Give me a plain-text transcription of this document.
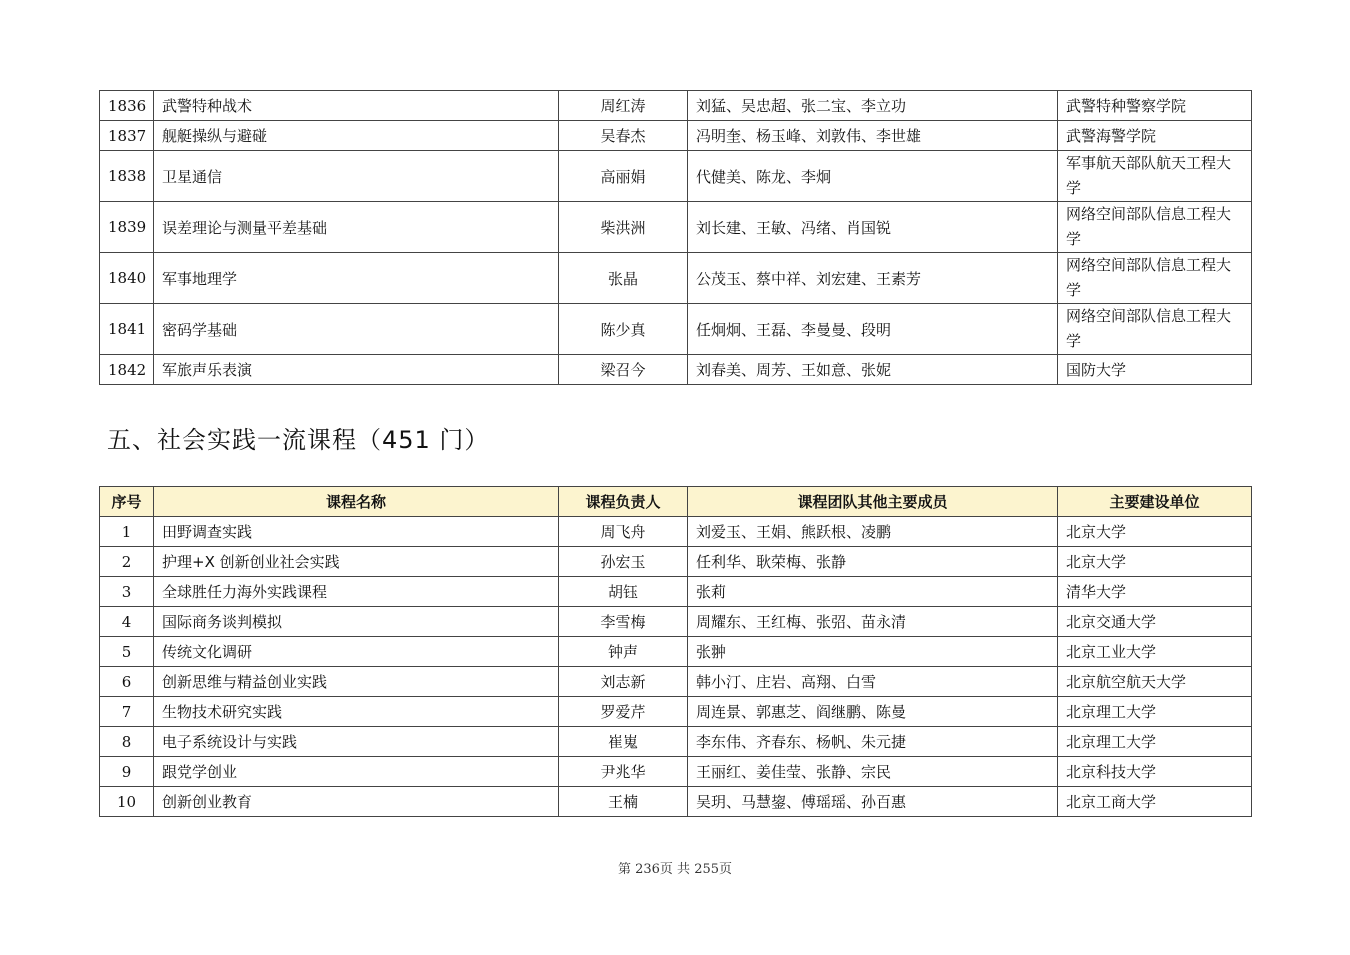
1836	武警特种战术	周红涛	刘猛、吴忠超、张二宝、李立功	武警特种警察学院
1837	舰艇操纵与避碰	吴春杰	冯明奎、杨玉峰、刘敦伟、李世雄	武警海警学院
1838	卫星通信	高丽娟	代健美、陈龙、李炯	军事航天部队航天工程大学
1839	误差理论与测量平差基础	柴洪洲	刘长建、王敏、冯绪、肖国锐	网络空间部队信息工程大学
1840	军事地理学	张晶	公茂玉、蔡中祥、刘宏建、王素芳	网络空间部队信息工程大学
1841	密码学基础	陈少真	任炯炯、王磊、李曼曼、段明	网络空间部队信息工程大学
1842	军旅声乐表演	梁召今	刘春美、周芳、王如意、张妮	国防大学
五、社会实践一流课程（451 门）
序号	课程名称	课程负责人	课程团队其他主要成员	主要建设单位
1	田野调查实践	周飞舟	刘爱玉、王娟、熊跃根、凌鹏	北京大学
2	护理+X 创新创业社会实践	孙宏玉	任利华、耿荣梅、张静	北京大学
3	全球胜任力海外实践课程	胡钰	张莉	清华大学
4	国际商务谈判模拟	李雪梅	周耀东、王红梅、张弨、苗永清	北京交通大学
5	传统文化调研	钟声	张翀	北京工业大学
6	创新思维与精益创业实践	刘志新	韩小汀、庄岩、高翔、白雪	北京航空航天大学
7	生物技术研究实践	罗爱芹	周连景、郭惠芝、阎继鹏、陈曼	北京理工大学
8	电子系统设计与实践	崔嵬	李东伟、齐春东、杨帆、朱元捷	北京理工大学
9	跟党学创业	尹兆华	王丽红、姜佳莹、张静、宗民	北京科技大学
10	创新创业教育	王楠	吴玥、马慧鋆、傅瑶瑶、孙百惠	北京工商大学
第 236页 共 255页
